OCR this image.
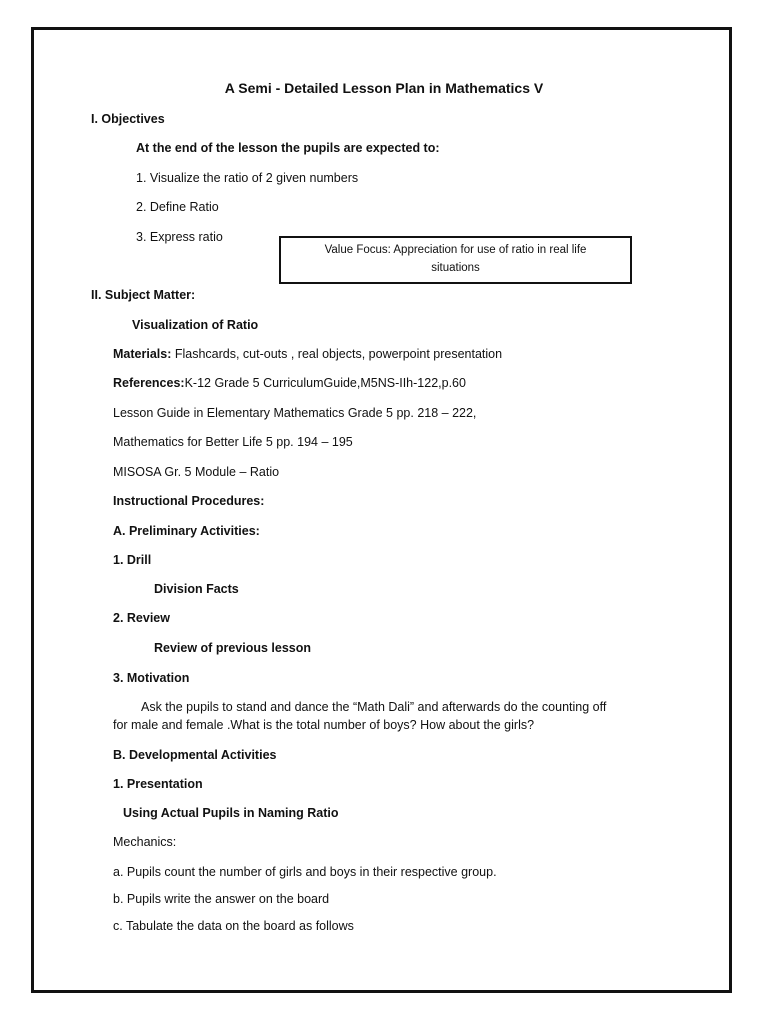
A Semi - Detailed Lesson Plan in Mathematics V
I. Objectives
At the end of the lesson the pupils are expected to:
1. Visualize the ratio of 2 given numbers
2. Define Ratio
3. Express ratio
Value Focus: Appreciation for use of ratio in real life
situations
II. Subject Matter:
Visualization of Ratio
Materials: Flashcards, cut-outs , real objects, powerpoint presentation
References:K-12 Grade 5 CurriculumGuide,M5NS-IIh-122,p.60
Lesson Guide in Elementary Mathematics Grade 5 pp. 218 – 222,
Mathematics for Better Life 5 pp. 194 – 195
MISOSA Gr. 5 Module – Ratio
Instructional Procedures:
A. Preliminary Activities:
1. Drill
Division Facts
2. Review
Review of previous lesson
3. Motivation
Ask the pupils to stand and dance the “Math Dali” and afterwards do the counting off
for male and female .What is the total number of boys? How about the girls?
B. Developmental Activities
1. Presentation
Using Actual Pupils in Naming Ratio
Mechanics:
a. Pupils count the number of girls and boys in their respective group.
b. Pupils write the answer on the board
c. Tabulate the data on the board as follows
